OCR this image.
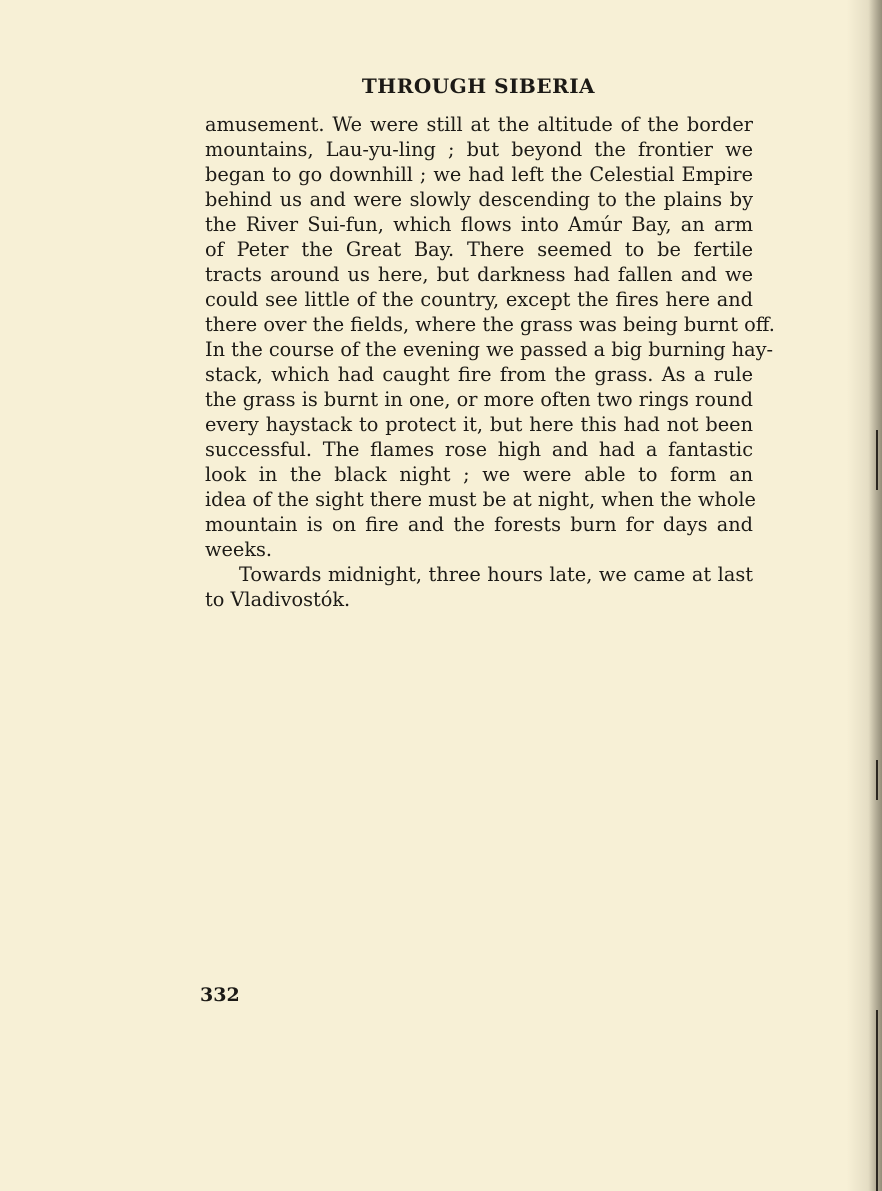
THROUGH SIBERIA
amusement. We were still at the altitude of the border
mountains, Lau-yu-ling ; but beyond the frontier we
began to go downhill ; we had left the Celestial Empire
behind us and were slowly descending to the plains by
the River Sui-fun, which flows into Amúr Bay, an arm
of Peter the Great Bay. There seemed to be fertile
tracts around us here, but darkness had fallen and we
could see little of the country, except the fires here and
there over the fields, where the grass was being burnt off.
In the course of the evening we passed a big burning hay-
stack, which had caught fire from the grass. As a rule
the grass is burnt in one, or more often two rings round
every haystack to protect it, but here this had not been
successful. The flames rose high and had a fantastic
look in the black night ; we were able to form an
idea of the sight there must be at night, when the whole
mountain is on fire and the forests burn for days and
weeks.
Towards midnight, three hours late, we came at last
to Vladivostók.
332
